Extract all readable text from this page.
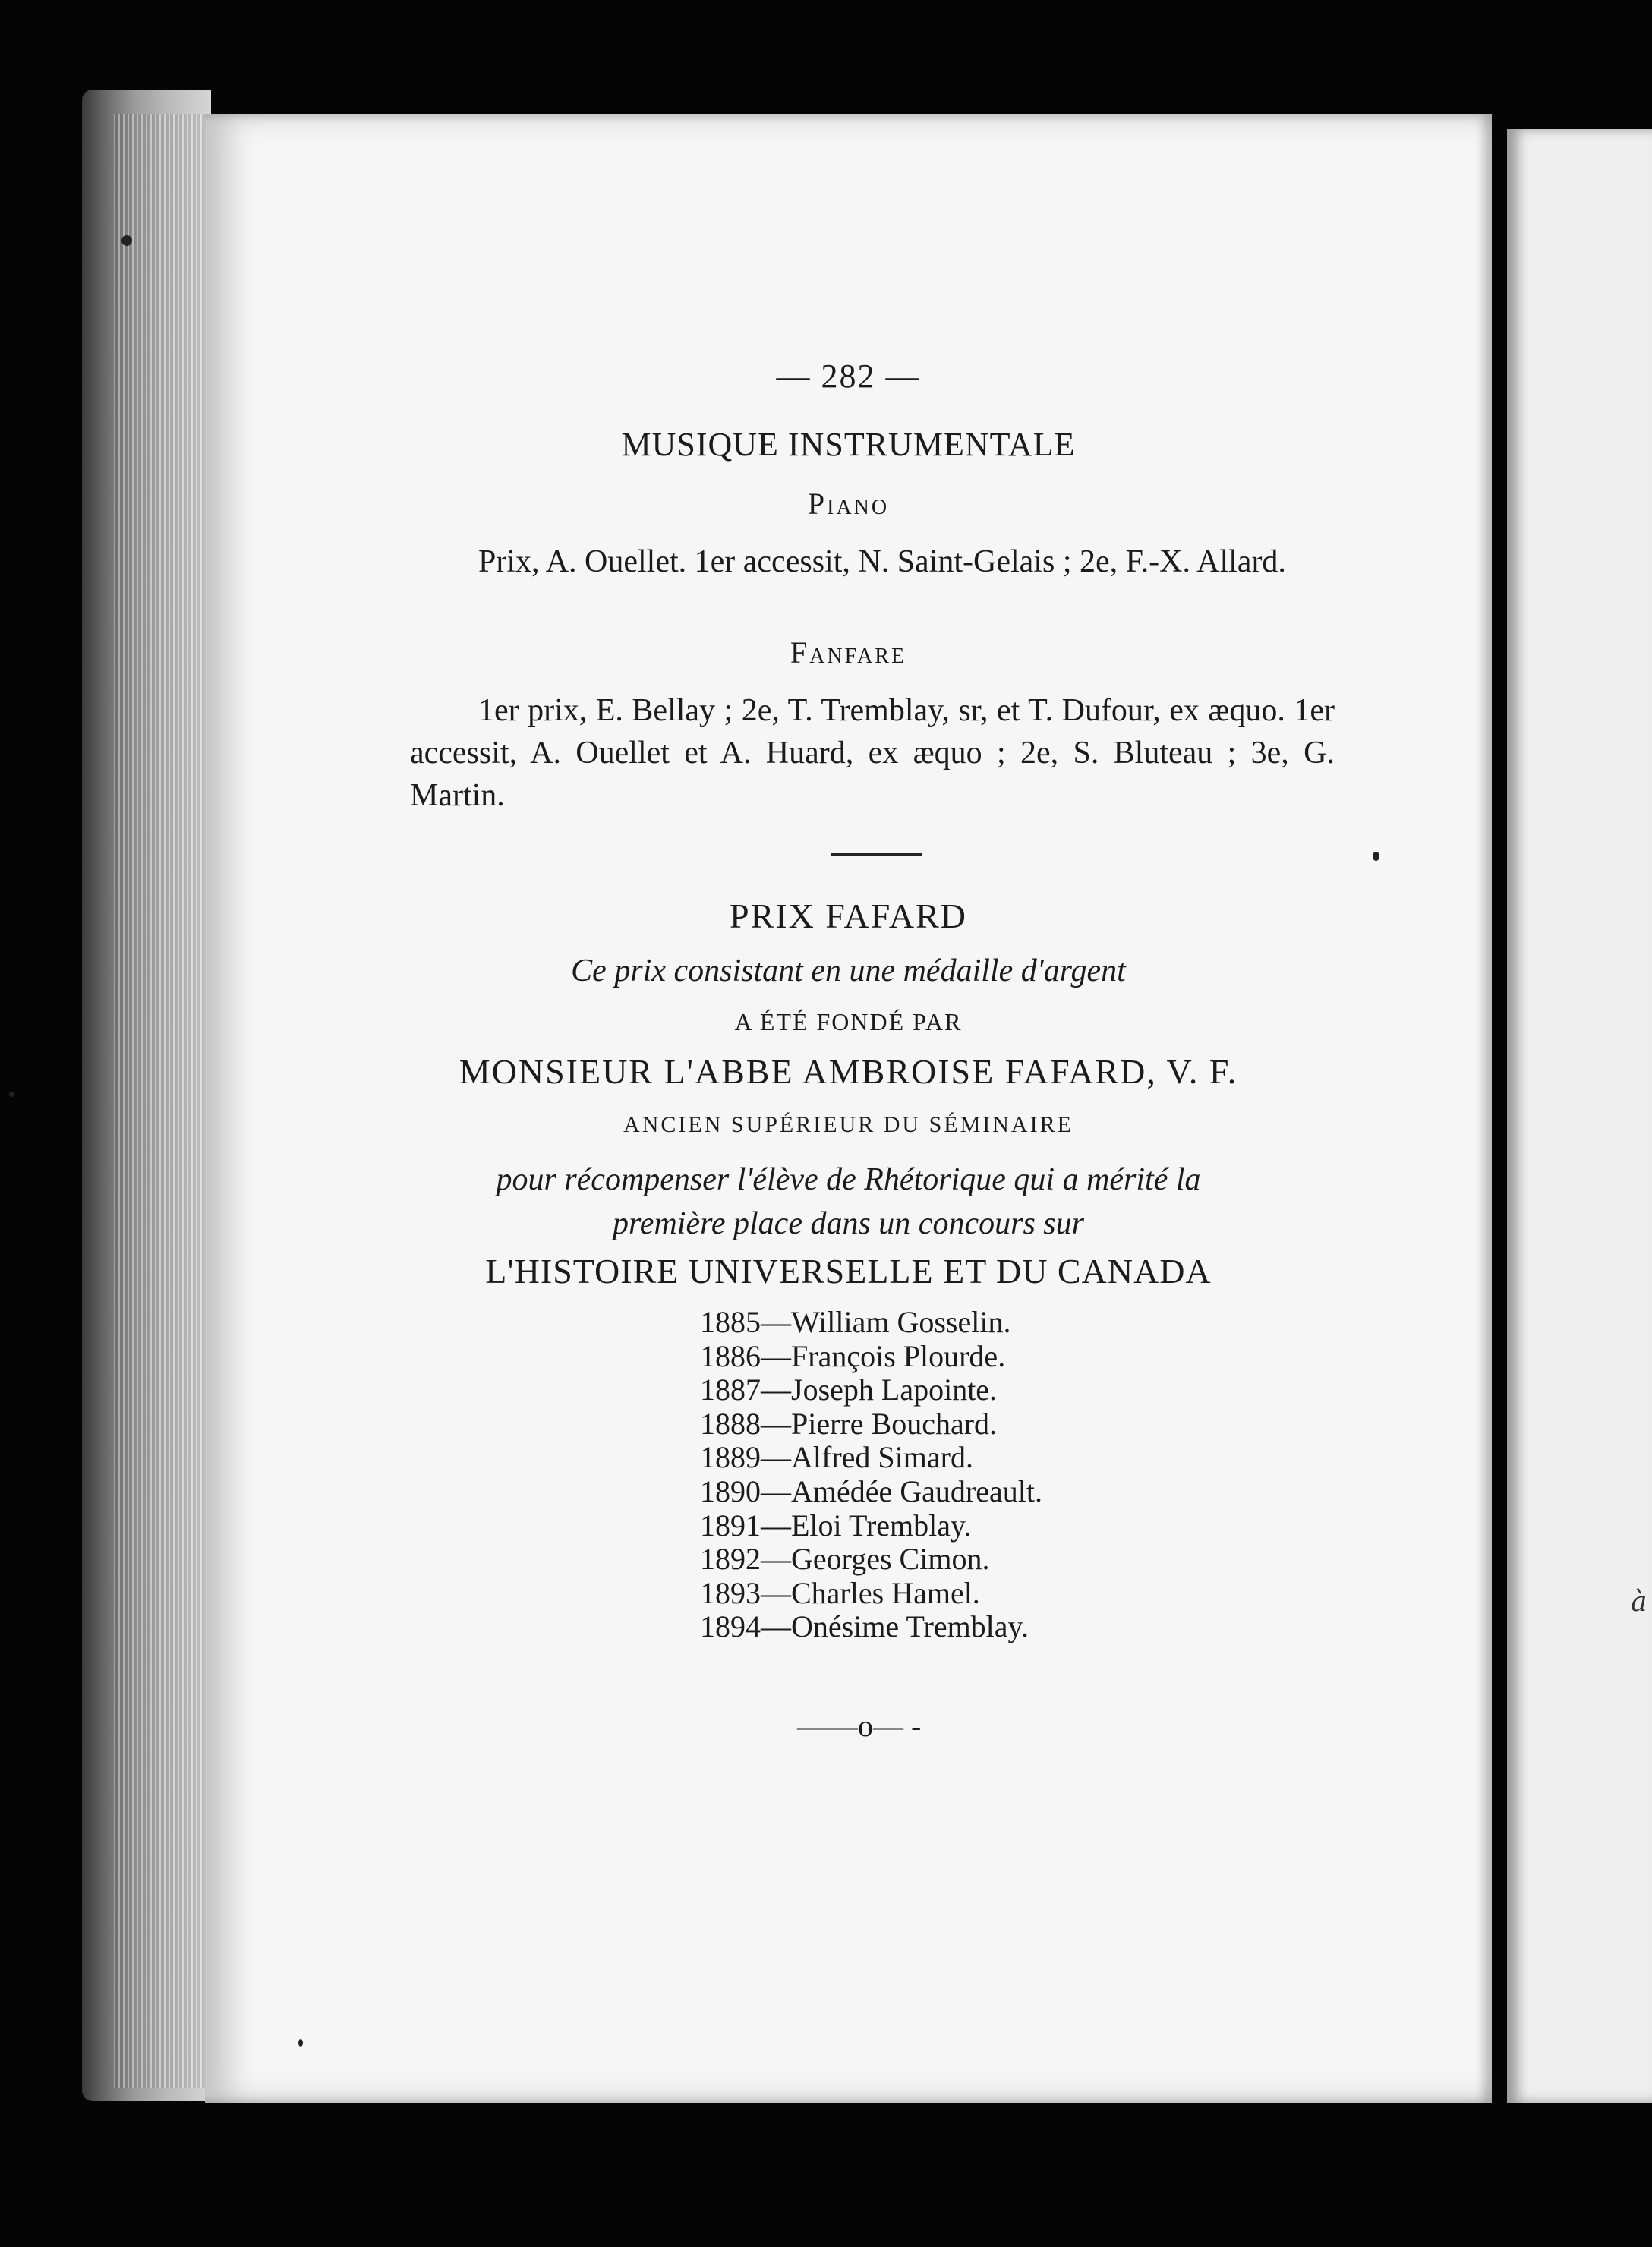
à
— 282 —
MUSIQUE INSTRUMENTALE
Piano
Prix, A. Ouellet. 1er accessit, N. Saint-Gelais ; 2e, F.-X. Allard.
Fanfare
1er prix, E. Bellay ; 2e, T. Tremblay, sr, et T. Dufour, ex æquo. 1er accessit, A. Ouellet et A. Huard, ex æquo ; 2e, S. Bluteau ; 3e, G. Martin.
PRIX FAFARD
Ce prix consistant en une médaille d'argent
A ÉTÉ FONDÉ PAR
MONSIEUR L'ABBE AMBROISE FAFARD, V. F.
ANCIEN SUPÉRIEUR DU SÉMINAIRE
pour récompenser l'élève de Rhétorique qui a mérité la
première place dans un concours sur
L'HISTOIRE UNIVERSELLE ET DU CANADA
1885—William Gosselin.
1886—François Plourde.
1887—Joseph Lapointe.
1888—Pierre Bouchard.
1889—Alfred Simard.
1890—Amédée Gaudreault.
1891—Eloi Tremblay.
1892—Georges Cimon.
1893—Charles Hamel.
1894—Onésime Tremblay.
——o— -
